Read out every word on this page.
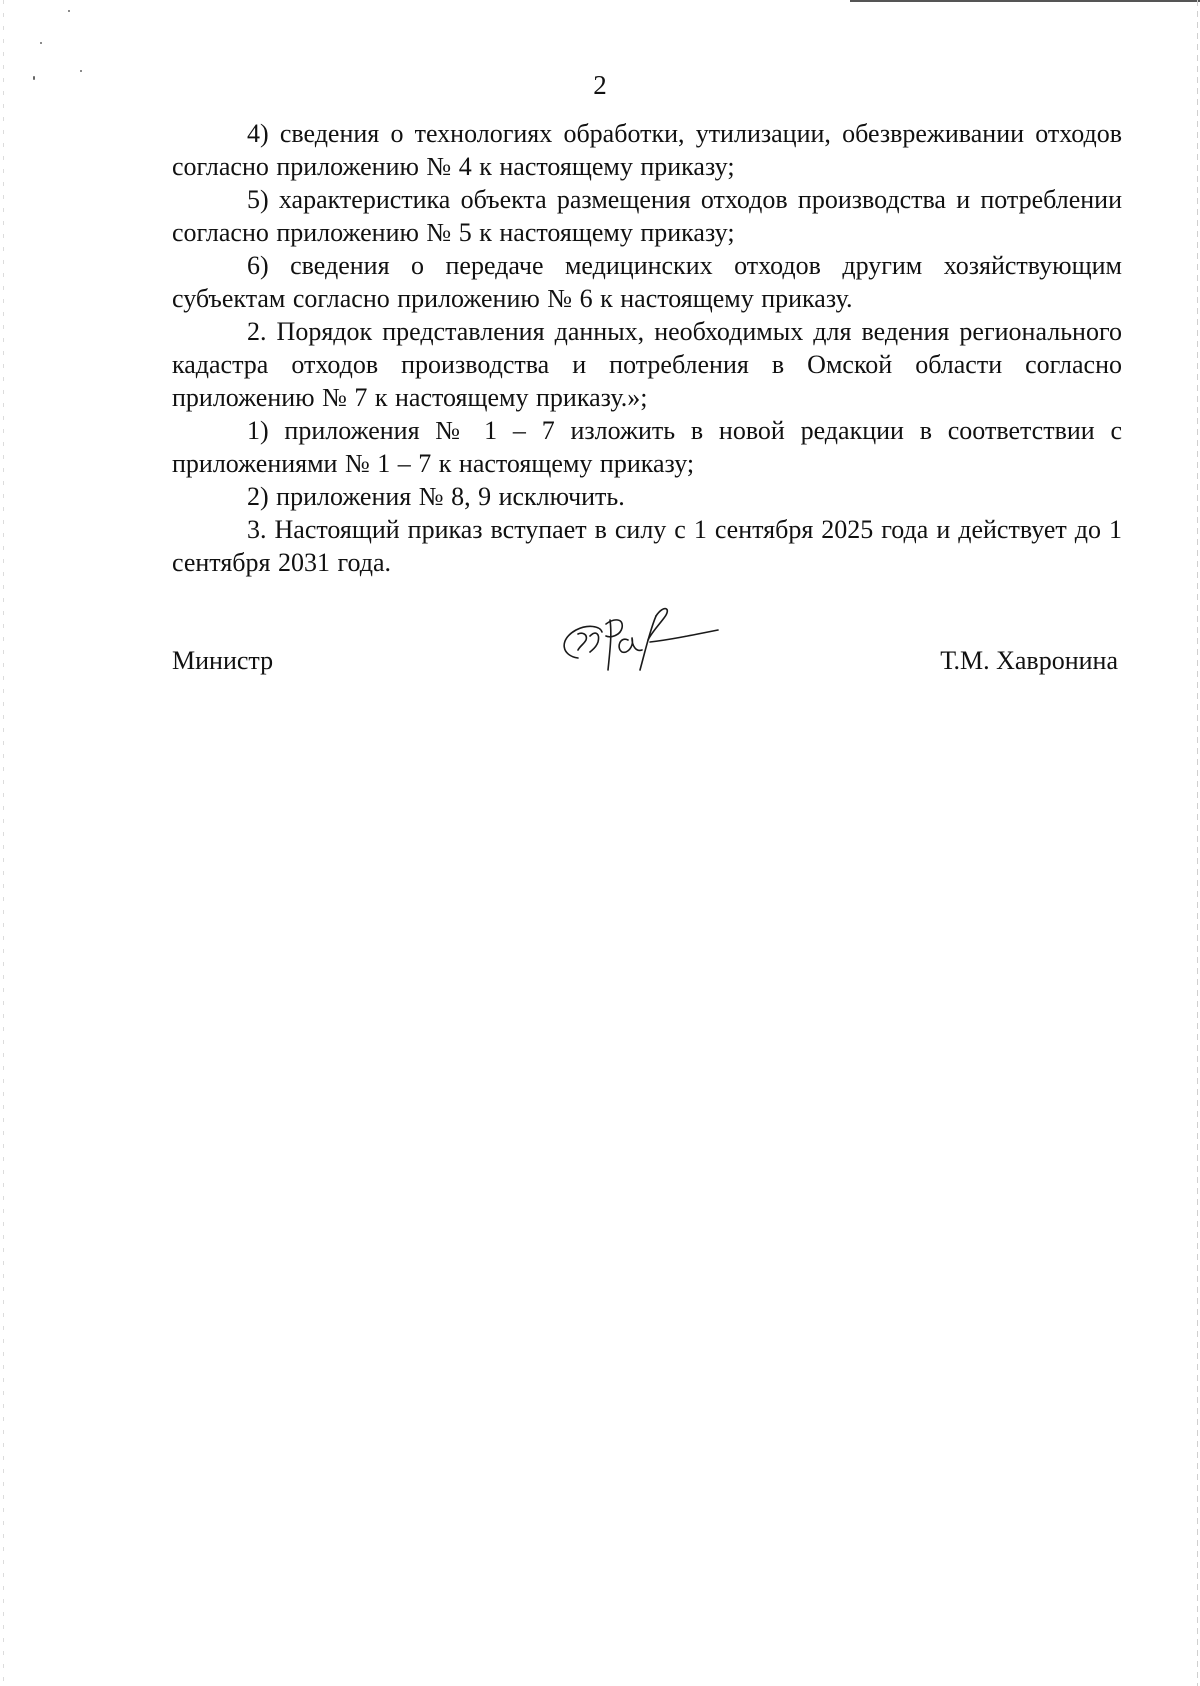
2

4) сведения о технологиях обработки, утилизации, обезвреживании отходов согласно приложению № 4 к настоящему приказу;

5) характеристика объекта размещения отходов производства и потреблении согласно приложению № 5 к настоящему приказу;

6) сведения о передаче медицинских отходов другим хозяйствующим субъектам согласно приложению № 6 к настоящему приказу.

2. Порядок представления данных, необходимых для ведения регионального кадастра отходов производства и потребления в Омской области согласно приложению № 7 к настоящему приказу.»;

1) приложения № 1 – 7 изложить в новой редакции в соответствии с приложениями № 1 – 7 к настоящему приказу;

2) приложения № 8, 9 исключить.

3. Настоящий приказ вступает в силу с 1 сентября 2025 года и действует до 1 сентября 2031 года.

Министр	Т.М. Хавронина
